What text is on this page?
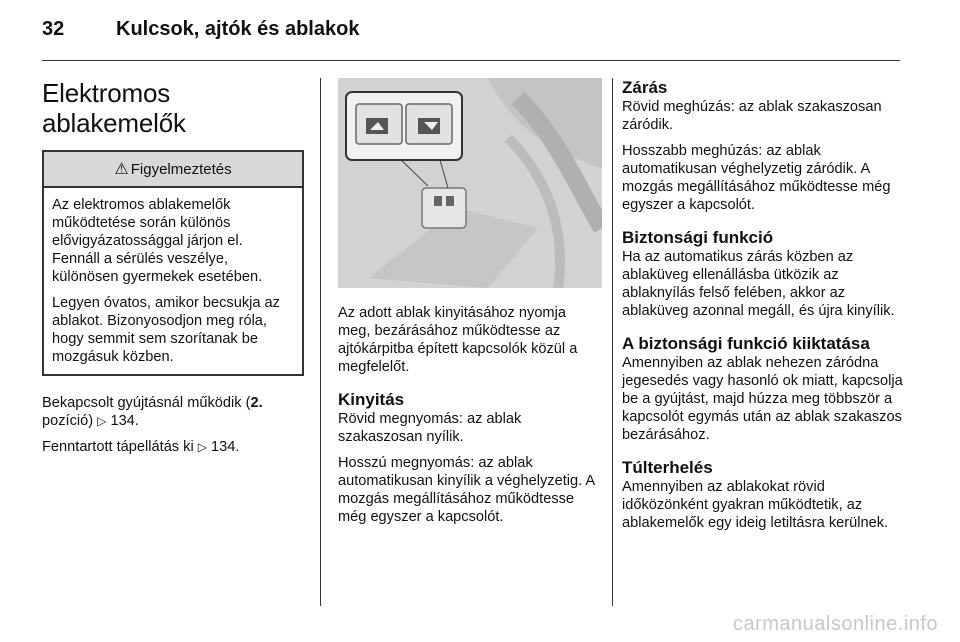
32	Kulcsok, ajtók és ablakok
Elektromos ablakemelők
⚠ Figyelmeztetés

Az elektromos ablakemelők működtetése során különös elővigyázatossággal járjon el. Fennáll a sérülés veszélye, különösen gyermekek esetében.

Legyen óvatos, amikor becsukja az ablakot. Bizonyosodjon meg róla, hogy semmit sem szorítanak be mozgásuk közben.

Bekapcsolt gyújtásnál működik (2. pozíció) ▷ 134.

Fenntartott tápellátás ki ▷ 134.

Az adott ablak kinyitásához nyomja meg, bezárásához működtesse az ajtókárpitba épített kapcsolók közül a megfelelőt.

Kinyitás

Rövid megnyomás: az ablak szakaszosan nyílik.

Hosszú megnyomás: az ablak automatikusan kinyílik a véghelyzetig. A mozgás megállításához működtesse még egyszer a kapcsolót.

Zárás

Rövid meghúzás: az ablak szakaszosan záródik.

Hosszabb meghúzás: az ablak automatikusan véghelyzetig záródik. A mozgás megállításához működtesse még egyszer a kapcsolót.

Biztonsági funkció

Ha az automatikus zárás közben az ablaküveg ellenállásba ütközik az ablaknyílás felső felében, akkor az ablaküveg azonnal megáll, és újra kinyílik.

A biztonsági funkció kiiktatása

Amennyiben az ablak nehezen záródna jegesedés vagy hasonló ok miatt, kapcsolja be a gyújtást, majd húzza meg többször a kapcsolót egymás után az ablak szakaszos bezárásához.

Túlterhelés

Amennyiben az ablakokat rövid időközönként gyakran működtetik, az ablakemelők egy ideig letiltásra kerülnek.

carmanualsonline.info
